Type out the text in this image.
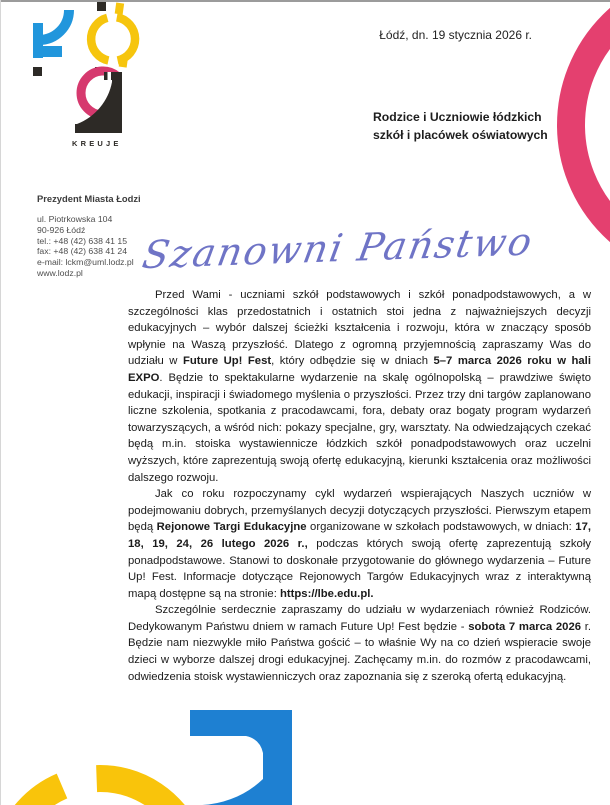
KREUJE
Łódź, dn. 19 stycznia 2026 r.
Rodzice i Uczniowie łódzkich
szkół i placówek oświatowych
Prezydent Miasta Łodzi
ul. Piotrkowska 104
90-926 Łódź
tel.: +48 (42) 638 41 15
fax: +48 (42) 638 41 24
e-mail: lckm@uml.lodz.pl
www.lodz.pl	Szanowni Państwo

Przed Wami - uczniami szkół podstawowych i szkół ponadpodstawowych, a w szczególności klas przedostatnich i ostatnich stoi jedna z najważniejszych decyzji edukacyjnych – wybór dalszej ścieżki kształcenia i rozwoju, która w znaczący sposób wpłynie na Waszą przyszłość. Dlatego z ogromną przyjemnością zapraszamy Was do udziału w Future Up! Fest, który odbędzie się w dniach 5–7 marca 2026 roku w hali EXPO. Będzie to spektakularne wydarzenie na skalę ogólnopolską – prawdziwe święto edukacji, inspiracji i świadomego myślenia o przyszłości. Przez trzy dni targów zaplanowano liczne szkolenia, spotkania z pracodawcami, fora, debaty oraz bogaty program wydarzeń towarzyszących, a wśród nich: pokazy specjalne, gry, warsztaty. Na odwiedzających czekać będą m.in. stoiska wystawiennicze łódzkich szkół ponadpodstawowych oraz uczelni wyższych, które zaprezentują swoją ofertę edukacyjną, kierunki kształcenia oraz możliwości dalszego rozwoju.

Jak co roku rozpoczynamy cykl wydarzeń wspierających Naszych uczniów w podejmowaniu dobrych, przemyślanych decyzji dotyczących przyszłości. Pierwszym etapem będą Rejonowe Targi Edukacyjne organizowane w szkołach podstawowych, w dniach: 17, 18, 19, 24, 26 lutego 2026 r., podczas których swoją ofertę zaprezentują szkoły ponadpodstawowe. Stanowi to doskonałe przygotowanie do głównego wydarzenia – Future Up! Fest. Informacje dotyczące Rejonowych Targów Edukacyjnych wraz z interaktywną mapą dostępne są na stronie: https://lbe.edu.pl.

Szczególnie serdecznie zapraszamy do udziału w wydarzeniach również Rodziców. Dedykowanym Państwu dniem w ramach Future Up! Fest będzie - sobota 7 marca 2026 r. Będzie nam niezwykle miło Państwa gościć – to właśnie Wy na co dzień wspieracie swoje dzieci w wyborze dalszej drogi edukacyjnej. Zachęcamy m.in. do rozmów z pracodawcami, odwiedzenia stoisk wystawienniczych oraz zapoznania się z szeroką ofertą edukacyjną.
